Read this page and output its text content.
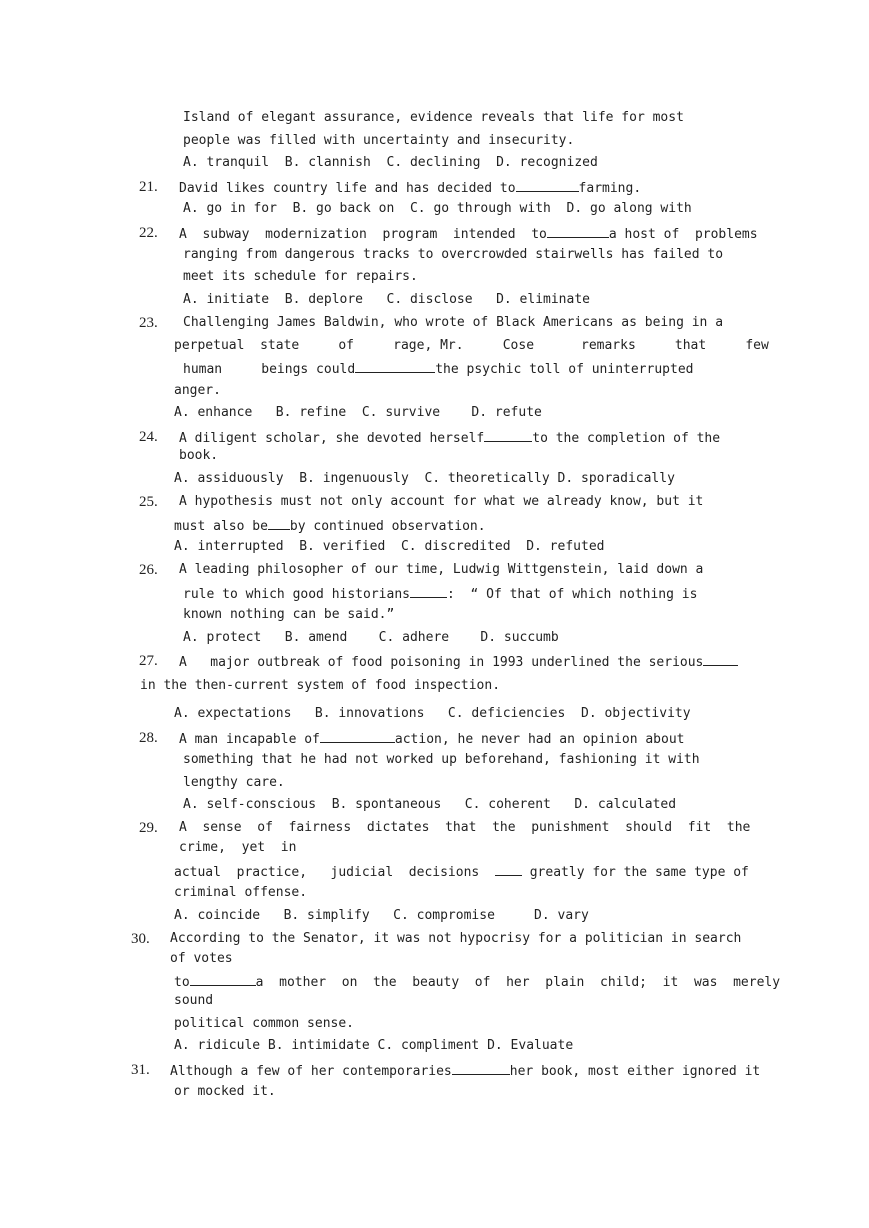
Island of elegant assurance, evidence reveals that life for most
people was filled with uncertainty and insecurity.
A. tranquil  B. clannish  C. declining  D. recognized
21. David likes country life and has decided to	farming.
A. go in for  B. go back on  C. go through with  D. go along with
22. A  subway  modernization  program  intended  to	a host of  problems
ranging from dangerous tracks to overcrowded stairwells has failed to
meet its schedule for repairs.
A. initiate  B. deplore   C. disclose   D. eliminate
23. Challenging James Baldwin, who wrote of Black Americans as being in a
perpetual  state     of     rage, Mr.     Cose      remarks     that     few
human     beings could	the psychic toll of uninterrupted
anger.
A. enhance   B. refine  C. survive    D. refute
24. A diligent scholar, she devoted herself	to the completion of the
book.
A. assiduously  B. ingenuously  C. theoretically D. sporadically
25. A hypothesis must not only account for what we already know, but it
must also be by continued observation.
A. interrupted  B. verified  C. discredited  D. refuted
26. A leading philosopher of our time, Ludwig Wittgenstein, laid down a
rule to which good historians	:  “ Of that of which nothing is
known nothing can be said.”
A. protect   B. amend    C. adhere    D. succumb
27. A   major outbreak of food poisoning in 1993 underlined the serious
in the then-current system of food inspection.
A. expectations   B. innovations   C. deficiencies  D. objectivity
28. A man incapable of	action, he never had an opinion about
something that he had not worked up beforehand, fashioning it with
lengthy care.
A. self-conscious  B. spontaneous   C. coherent   D. calculated
29. A  sense  of  fairness  dictates  that  the  punishment  should  fit  the
crime,  yet  in
actual  practice,   judicial  decisions   greatly for the same type of
criminal offense.
A. coincide   B. simplify   C. compromise     D. vary
30. According to the Senator, it was not hypocrisy for a politician in search
of votes
to	a  mother  on  the  beauty  of  her  plain  child;  it  was  merely
sound
political common sense.
A. ridicule B. intimidate C. compliment D. Evaluate
31. Although a few of her contemporaries	her book, most either ignored it
or mocked it.
